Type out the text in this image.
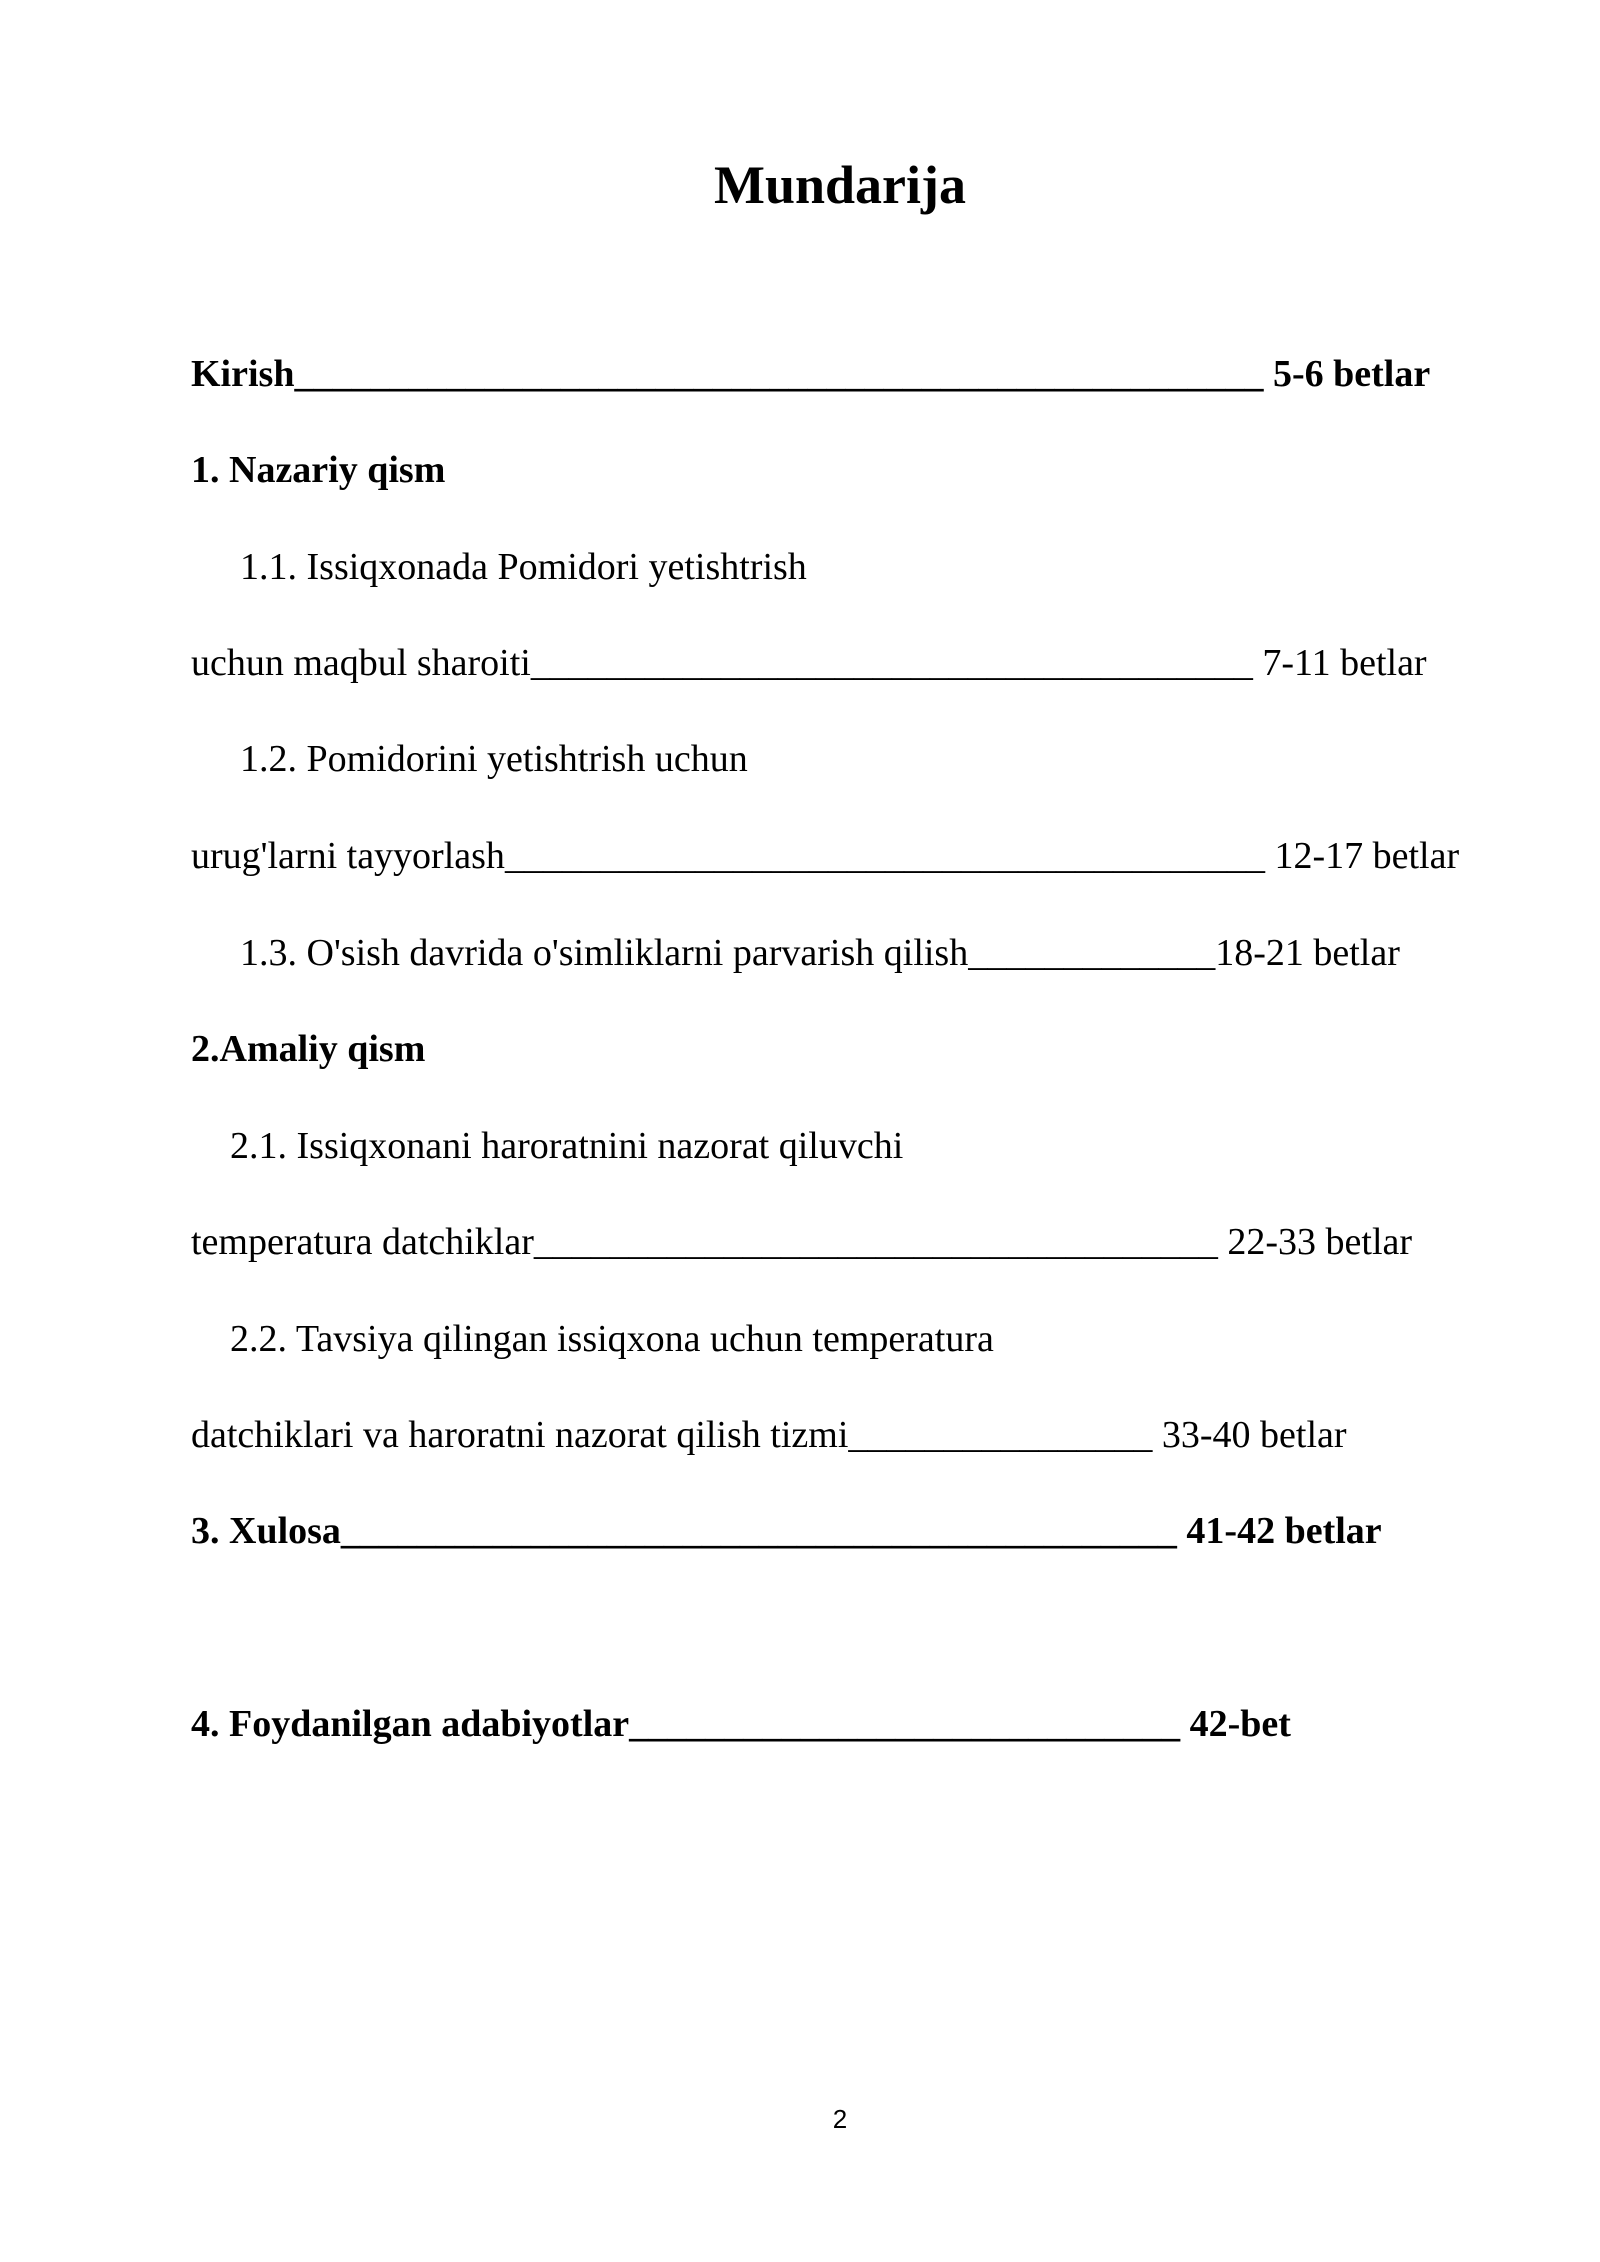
Mundarija
Kirish___________________________________________________ 5-6 betlar
1. Nazariy qism
1.1. Issiqxonada Pomidori yetishtrish
uchun maqbul sharoiti______________________________________ 7-11 betlar
1.2. Pomidorini yetishtrish uchun
urug'larni tayyorlash________________________________________ 12-17 betlar
1.3. O'sish davrida o'simliklarni parvarish qilish_____________18-21 betlar
2.Amaliy qism
2.1. Issiqxonani haroratnini nazorat qiluvchi
temperatura datchiklar____________________________________ 22-33 betlar
2.2. Tavsiya qilingan issiqxona uchun temperatura
datchiklari va haroratni nazorat qilish tizmi________________ 33-40 betlar
3. Xulosa____________________________________________ 41-42 betlar
4. Foydanilgan adabiyotlar_____________________________ 42-bet
2
